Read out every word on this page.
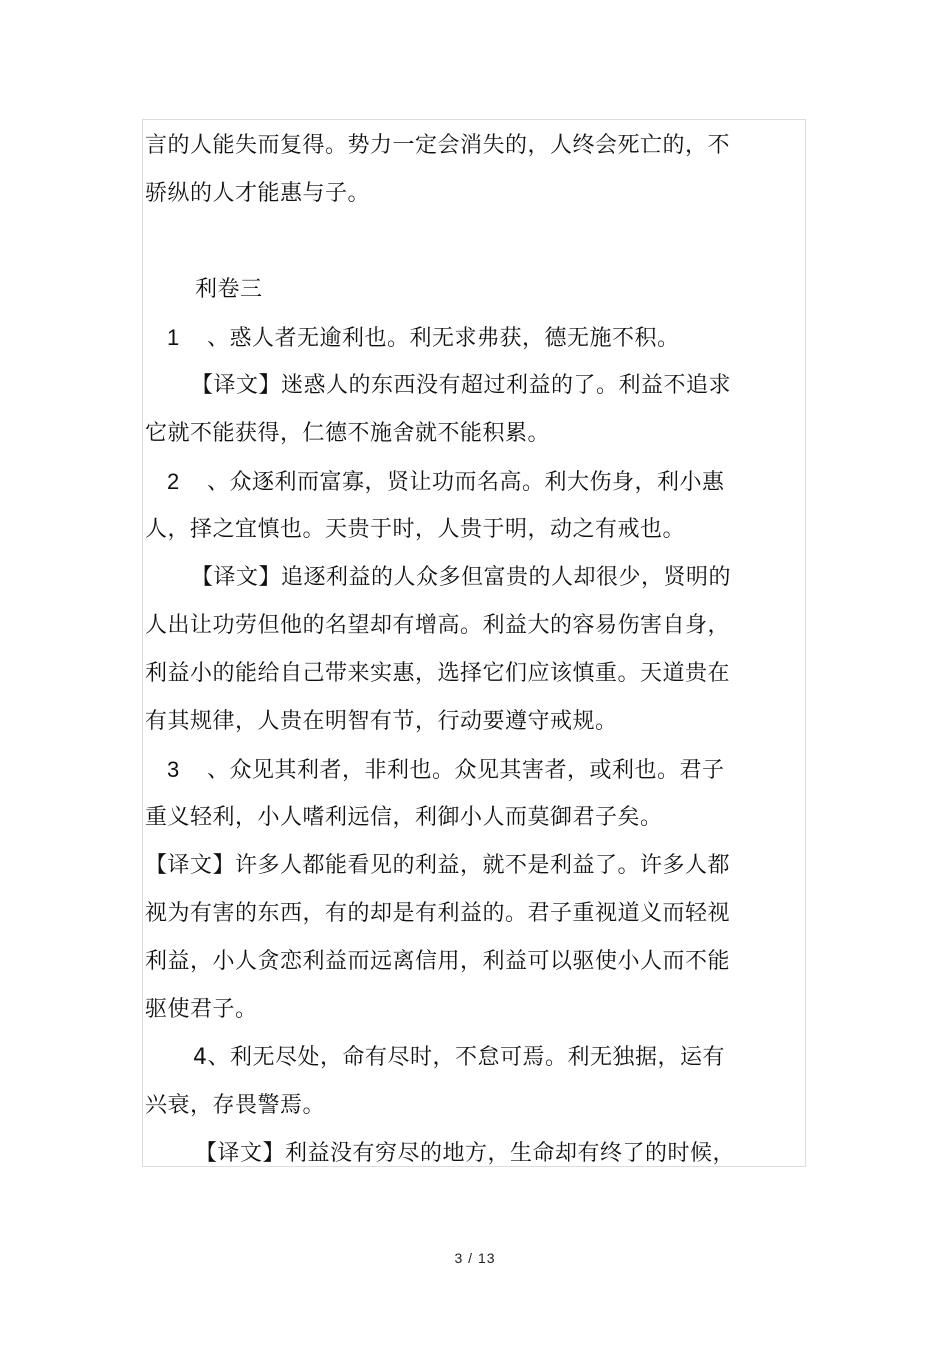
言的人能失而复得。势力一定会消失的，人终会死亡的，不
骄纵的人才能惠与子。
利卷三
1 、惑人者无逾利也。利无求弗获，德无施不积。
【译文】迷惑人的东西没有超过利益的了。利益不追求
它就不能获得，仁德不施舍就不能积累。
2 、众逐利而富寡，贤让功而名高。利大伤身，利小惠
人，择之宜慎也。天贵于时，人贵于明，动之有戒也。
【译文】追逐利益的人众多但富贵的人却很少，贤明的
人出让功劳但他的名望却有增高。利益大的容易伤害自身，
利益小的能给自己带来实惠，选择它们应该慎重。天道贵在
有其规律，人贵在明智有节，行动要遵守戒规。
3 、众见其利者，非利也。众见其害者，或利也。君子
重义轻利，小人嗜利远信，利御小人而莫御君子矣。
【译文】许多人都能看见的利益，就不是利益了。许多人都
视为有害的东西，有的却是有利益的。君子重视道义而轻视
利益，小人贪恋利益而远离信用，利益可以驱使小人而不能
驱使君子。
4、利无尽处，命有尽时，不怠可焉。利无独据，运有
兴衰，存畏警焉。
【译文】利益没有穷尽的地方，生命却有终了的时候，
3 / 13
